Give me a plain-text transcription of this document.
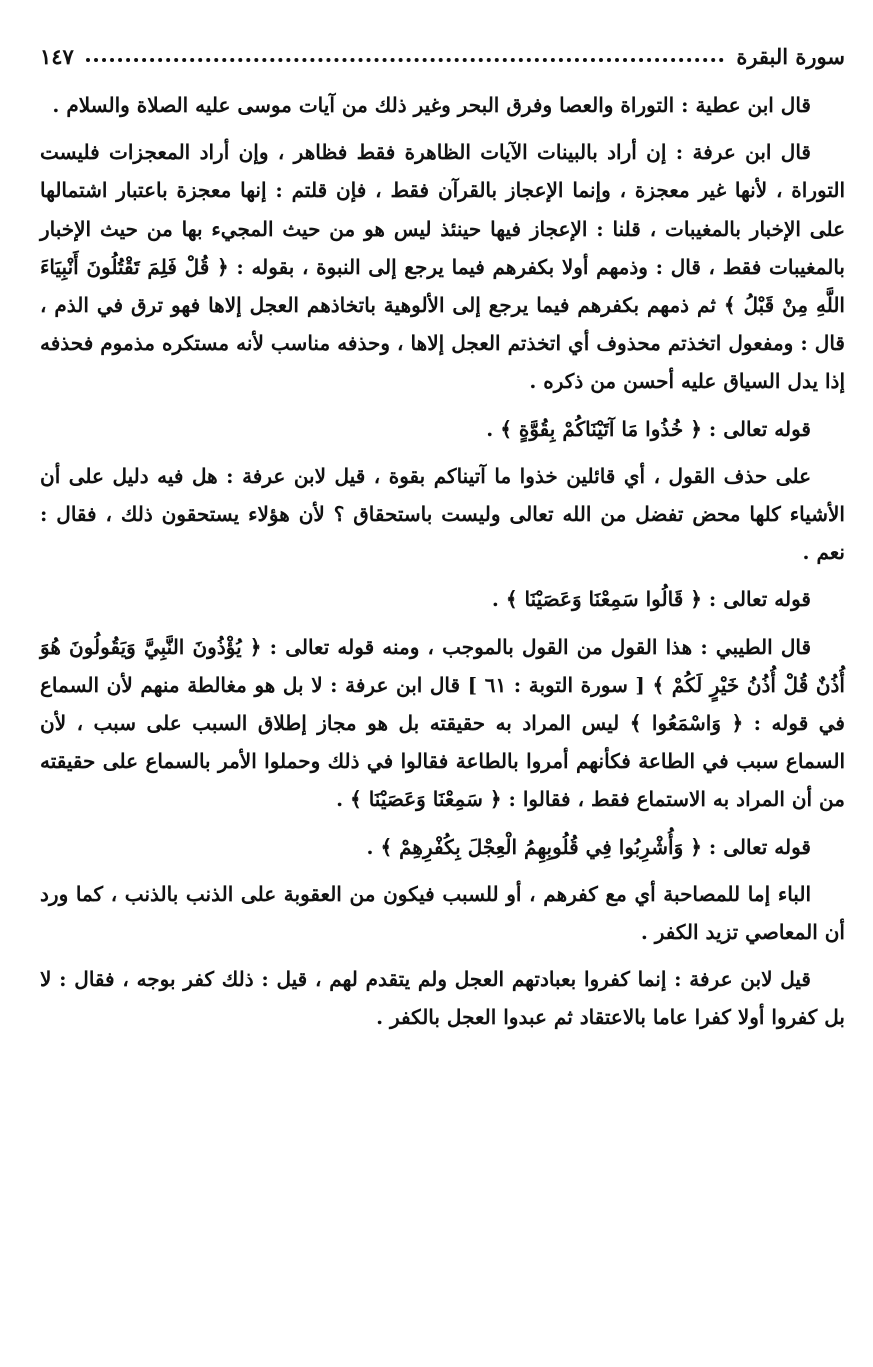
سورة البقرة
١٤٧

قال ابن عطية : التوراة والعصا وفرق البحر وغير ذلك من آيات موسى عليه الصلاة والسلام .

قال ابن عرفة : إن أراد بالبينات الآيات الظاهرة فقط فظاهر ، وإن أراد المعجزات فليست التوراة ، لأنها غير معجزة ، وإنما الإعجاز بالقرآن فقط ، فإن قلتم : إنها معجزة باعتبار اشتمالها على الإخبار بالمغيبات ، قلنا : الإعجاز فيها حينئذ ليس هو من حيث المجيء بها من حيث الإخبار بالمغيبات فقط ، قال : وذمهم أولا بكفرهم فيما يرجع إلى النبوة ، بقوله : ﴿ قُلْ فَلِمَ تَقْتُلُونَ أَنْبِيَاءَ اللَّهِ مِنْ قَبْلُ ﴾ ثم ذمهم بكفرهم فيما يرجع إلى الألوهية باتخاذهم العجل إلاها فهو ترق في الذم ، قال : ومفعول اتخذتم محذوف أي اتخذتم العجل إلاها ، وحذفه مناسب لأنه مستكره مذموم فحذفه إذا يدل السياق عليه أحسن من ذكره .

قوله تعالى : ﴿ خُذُوا مَا آتَيْنَاكُمْ بِقُوَّةٍ ﴾ .

على حذف القول ، أي قائلين خذوا ما آتيناكم بقوة ، قيل لابن عرفة : هل فيه دليل على أن الأشياء كلها محض تفضل من الله تعالى وليست باستحقاق ؟ لأن هؤلاء يستحقون ذلك ، فقال : نعم .

قوله تعالى : ﴿ قَالُوا سَمِعْنَا وَعَصَيْنَا ﴾ .

قال الطيبي : هذا القول من القول بالموجب ، ومنه قوله تعالى : ﴿ يُؤْذُونَ النَّبِيَّ وَيَقُولُونَ هُوَ أُذُنٌ قُلْ أُذُنُ خَيْرٍ لَكُمْ ﴾ [ سورة التوبة : ٦١ ] قال ابن عرفة : لا بل هو مغالطة منهم لأن السماع في قوله : ﴿ وَاسْمَعُوا ﴾ ليس المراد به حقيقته بل هو مجاز إطلاق السبب على سبب ، لأن السماع سبب في الطاعة فكأنهم أمروا بالطاعة فقالوا في ذلك وحملوا الأمر بالسماع على حقيقته من أن المراد به الاستماع فقط ، فقالوا : ﴿ سَمِعْنَا وَعَصَيْنَا ﴾ .

قوله تعالى : ﴿ وَأُشْرِبُوا فِي قُلُوبِهِمُ الْعِجْلَ بِكُفْرِهِمْ ﴾ .

الباء إما للمصاحبة أي مع كفرهم ، أو للسبب فيكون من العقوبة على الذنب بالذنب ، كما ورد أن المعاصي تزيد الكفر .

قيل لابن عرفة : إنما كفروا بعبادتهم العجل ولم يتقدم لهم ، قيل : ذلك كفر بوجه ، فقال : لا بل كفروا أولا كفرا عاما بالاعتقاد ثم عبدوا العجل بالكفر .
